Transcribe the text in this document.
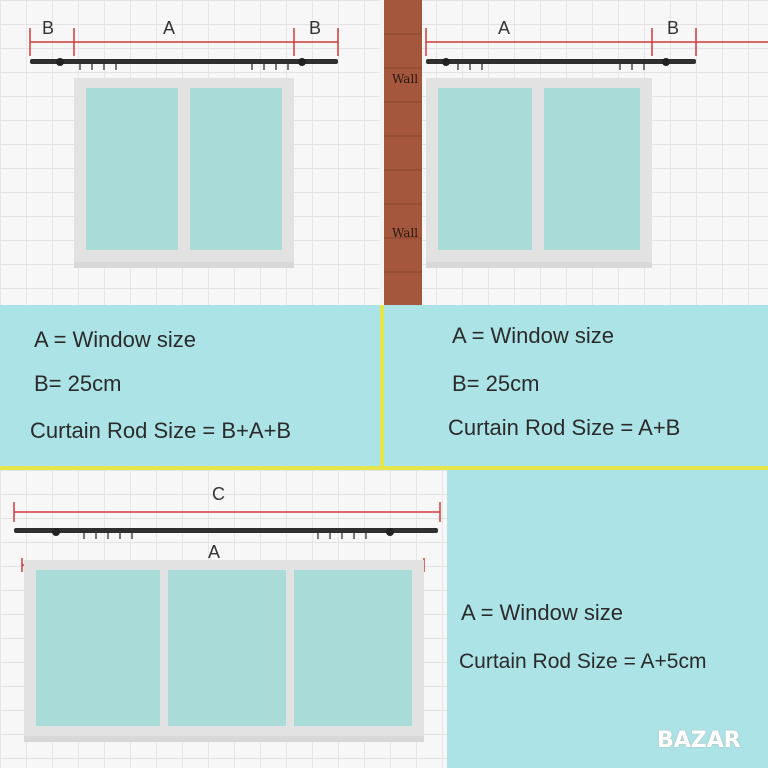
B	A	B
A = Window size
B= 25cm
Curtain Rod Size = B+A+B
A	B
Wall
Wall
A = Window size
B= 25cm
Curtain Rod Size = A+B
C
A
A = Window size
Curtain Rod Size = A+5cm
BAZAR
